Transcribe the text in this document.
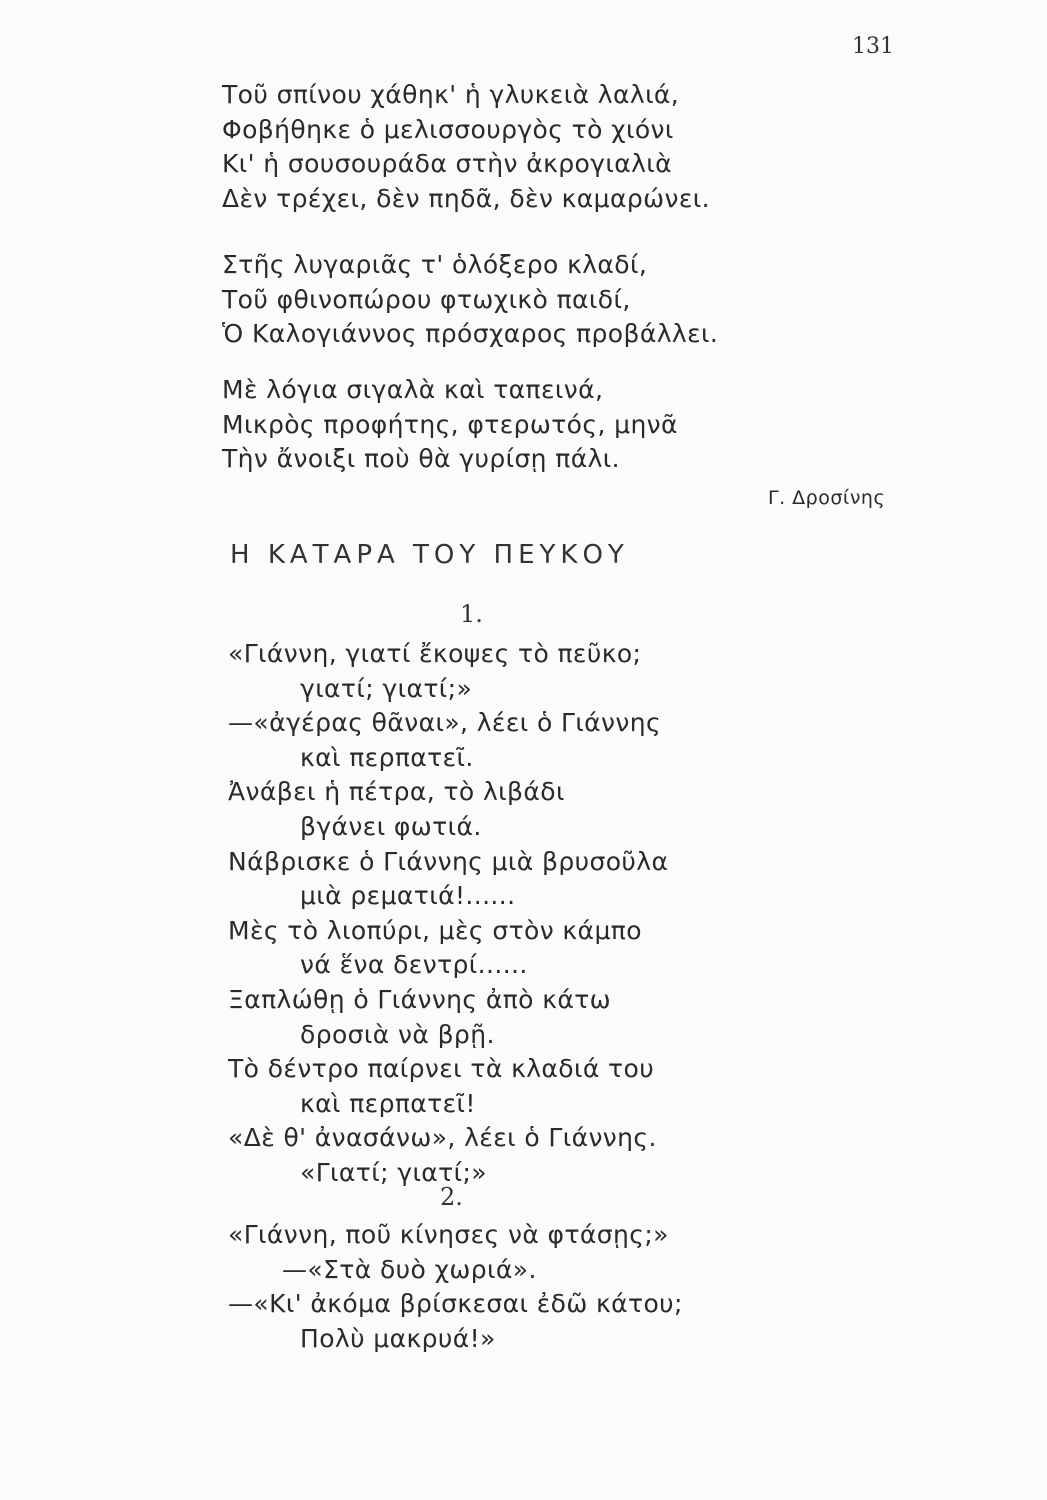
131
Τοῦ σπίνου χάθηκ' ἡ γλυκειὰ λαλιά,
Φοβήθηκε ὁ μελισσουργὸς τὸ χιόνι
Κι' ἡ σουσουράδα στὴν ἀκρογιαλιὰ
Δὲν τρέχει, δὲν πηδᾶ, δὲν καμαρώνει.
Στῆς λυγαριᾶς τ' ὁλόξερο κλαδί,
Τοῦ φθινοπώρου φτωχικὸ παιδί,
Ὁ Καλογιάννος πρόσχαρος προβάλλει.
Μὲ λόγια σιγαλὰ καὶ ταπεινά,
Μικρὸς προφήτης, φτερωτός, μηνᾶ
Τὴν ἄνοιξι ποὺ θὰ γυρίσῃ πάλι.
Γ. Δροσίνης
Η ΚΑΤΑΡΑ ΤΟΥ ΠΕΥΚΟΥ
1.
«Γιάννη, γιατί ἔκοψες τὸ πεῦκο;
γιατί; γιατί;»
—«ἀγέρας θᾶναι», λέει ὁ Γιάννης
καὶ περπατεῖ.
Ἀνάβει ἡ πέτρα, τὸ λιβάδι
βγάνει φωτιά.
Νάβρισκε ὁ Γιάννης μιὰ βρυσοῦλα
μιὰ ρεματιά!......
Μὲς τὸ λιοπύρι, μὲς στὸν κάμπο
νά ἕνα δεντρί......
Ξαπλώθῃ ὁ Γιάννης ἀπὸ κάτω
δροσιὰ νὰ βρῇ.
Τὸ δέντρο παίρνει τὰ κλαδιά του
καὶ περπατεῖ!
«Δὲ θ' ἀνασάνω», λέει ὁ Γιάννης.
«Γιατί; γιατί;»
2.
«Γιάννη, ποῦ κίνησες νὰ φτάσῃς;»
—«Στὰ δυὸ χωριά».
—«Κι' ἀκόμα βρίσκεσαι ἐδῶ κάτου;
Πολὺ μακρυά!»
